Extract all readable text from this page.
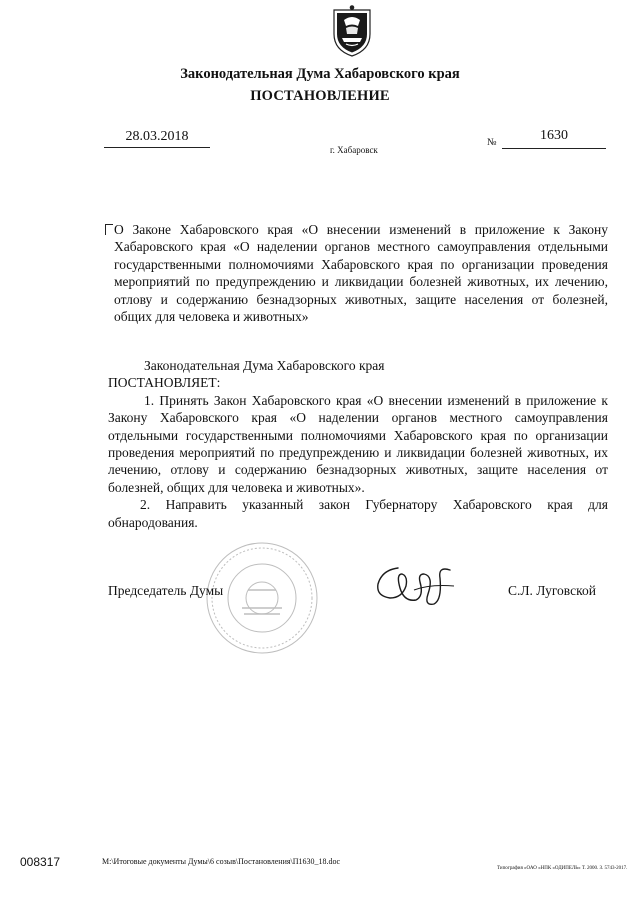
Законодательная Дума Хабаровского края
ПОСТАНОВЛЕНИЕ
28.03.2018
г. Хабаровск
№	1630
О Законе Хабаровского края «О внесении изменений в приложение к Закону Хабаровского края «О наделении органов местного самоуправления отдельными государственными полномочиями Хабаровского края по организации проведения мероприятий по предупреждению и ликвидации болезней животных, их лечению, отлову и содержанию безнадзорных животных, защите населения от болезней, общих для человека и животных»

Законодательная Дума Хабаровского края

ПОСТАНОВЛЯЕТ:

1. Принять Закон Хабаровского края «О внесении изменений в приложение к Закону Хабаровского края «О наделении органов местного самоуправления отдельными государственными полномочиями Хабаровского края по организации проведения мероприятий по предупреждению и ликвидации болезней животных, их лечению, отлову и содержанию безнадзорных животных, защите населения от болезней, общих для человека и животных».

2. Направить указанный закон Губернатору Хабаровского края для обнародования.

Председатель Думы	С.Л. Луговской
008317	M:\Итоговые документы Думы\6 созыв\Постановления\П1630_18.doc
Типография «ОАО «НПК «ОДИПЕЛЬ» Т. 2000. З. 5743-2017.
